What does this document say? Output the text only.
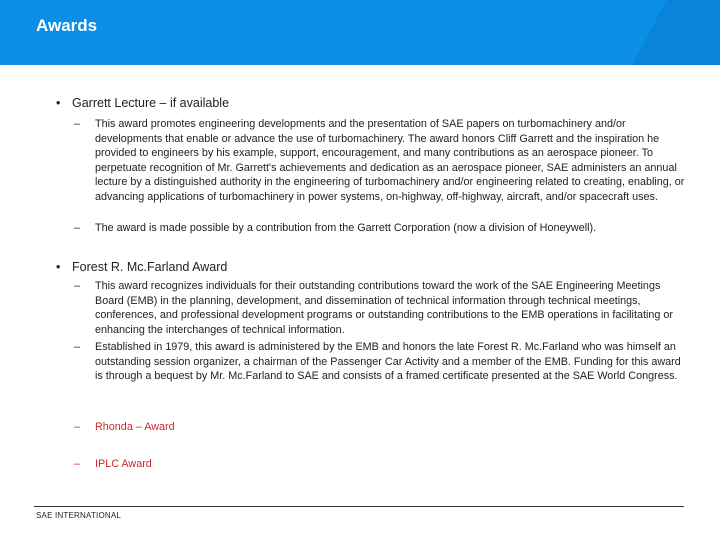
Awards
• Garrett Lecture – if available
– This award promotes engineering developments and the presentation of SAE papers on turbomachinery and/or developments that enable or advance the use of turbomachinery. The award honors Cliff Garrett and the inspiration he provided to engineers by his example, support, encouragement, and many contributions as an aerospace pioneer. To perpetuate recognition of Mr. Garrett's achievements and dedication as an aerospace pioneer, SAE administers an annual lecture by a distinguished authority in the engineering of turbomachinery and/or engineering related to creating, enabling, or advancing applications of turbomachinery in power systems, on-highway, off-highway, aircraft, and/or spacecraft uses.
– The award is made possible by a contribution from the Garrett Corporation (now a division of Honeywell).
• Forest R. Mc.Farland Award
– This award recognizes individuals for their outstanding contributions toward the work of the SAE Engineering Meetings Board (EMB) in the planning, development, and dissemination of technical information through technical meetings, conferences, and professional development programs or outstanding contributions to the EMB operations in facilitating or enhancing the interchanges of technical information.
– Established in 1979, this award is administered by the EMB and honors the late Forest R. Mc.Farland who was himself an outstanding session organizer, a chairman of the Passenger Car Activity and a member of the EMB. Funding for this award is through a bequest by Mr. Mc.Farland to SAE and consists of a framed certificate presented at the SAE World Congress.
– Rhonda – Award
– IPLC Award
SAE INTERNATIONAL
